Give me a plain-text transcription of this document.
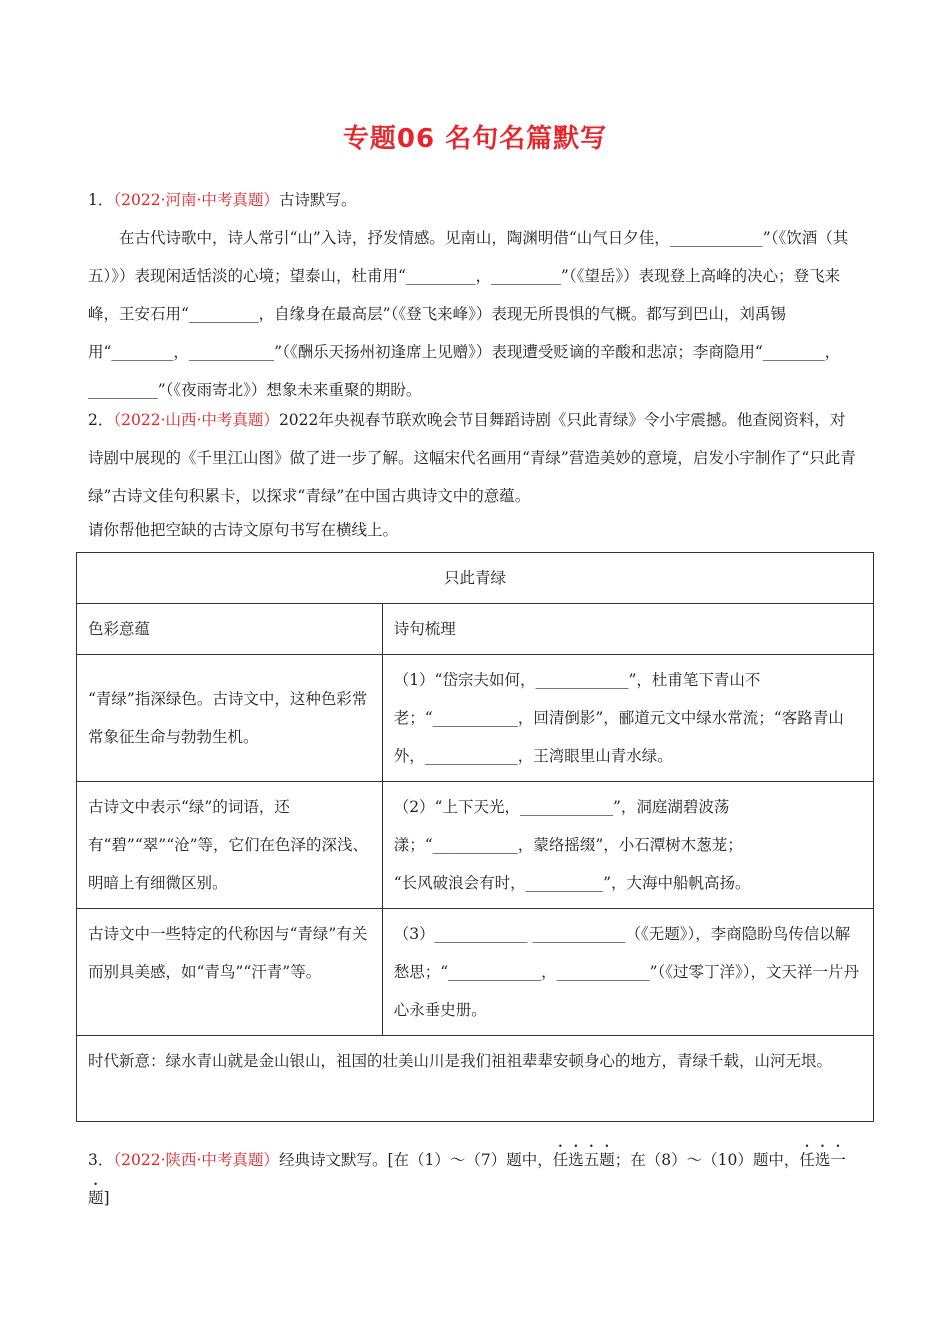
专题06 名句名篇默写
1．（2022·河南·中考真题）古诗默写。
在古代诗歌中，诗人常引“山”入诗，抒发情感。见南山，陶渊明借“山气日夕佳，____________”（《饮酒（其五）》）表现闲适恬淡的心境；望泰山，杜甫用“_________，_________”（《望岳》）表现登上高峰的决心；登飞来峰，王安石用“_________，自缘身在最高层”（《登飞来峰》）表现无所畏惧的气概。都写到巴山，刘禹锡用“________，___________”（《酬乐天扬州初逢席上见赠》）表现遭受贬谪的辛酸和悲凉；李商隐用“________，_________”（《夜雨寄北》）想象未来重聚的期盼。
2．（2022·山西·中考真题）2022年央视春节联欢晚会节目舞蹈诗剧《只此青绿》令小宇震撼。他查阅资料，对诗剧中展现的《千里江山图》做了进一步了解。这幅宋代名画用“青绿”营造美妙的意境，启发小宇制作了“只此青绿”古诗文佳句积累卡，以探求“青绿”在中国古典诗文中的意蕴。
请你帮他把空缺的古诗文原句书写在横线上。
只此青绿	
色彩意蕴	诗句梳理
“青绿”指深绿色。古诗文中，这种色彩常常象征生命与勃勃生机。	（1）“岱宗夫如何，____________”，杜甫笔下青山不老；“___________，回清倒影”，郦道元文中绿水常流；“客路青山外，____________，王湾眼里山青水绿。
古诗文中表示“绿”的词语，还有“碧”“翠”“沧”等，它们在色泽的深浅、明暗上有细微区别。	（2）“上下天光，____________”，洞庭湖碧波荡漾；“___________，蒙络摇缀”，小石潭树木葱茏；
“长风破浪会有时，__________”，大海中船帆高扬。

古诗文中一些特定的代称因与“青绿”有关而别具美感，如“青鸟”“汗青”等。	（3）____________ ____________（《无题》），李商隐盼鸟传信以解愁思；“____________，____________”（《过零丁洋》），文天祥一片丹心永垂史册。
时代新意：绿水青山就是金山银山，祖国的壮美山川是我们祖祖辈辈安顿身心的地方，青绿千载，山河无垠。	
3．（2022·陕西·中考真题）经典诗文默写。[在（1）～（7）题中，任选五题；在（8）～（10）题中，任选一题]
